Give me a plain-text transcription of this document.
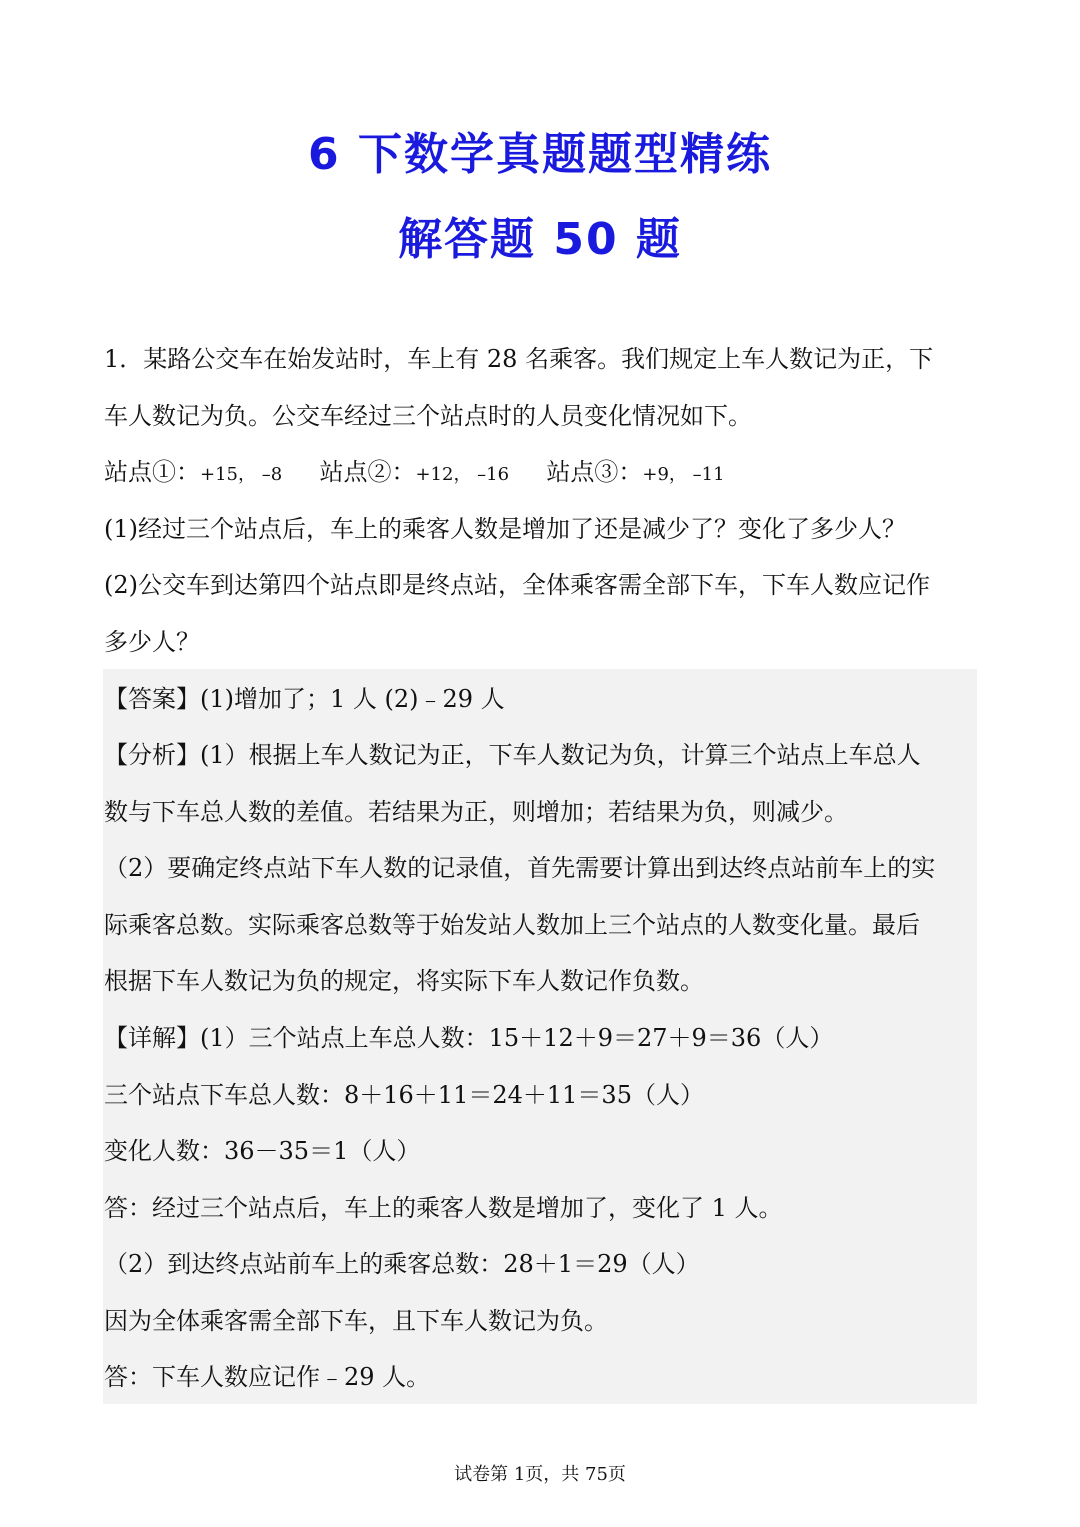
6 下数学真题题型精练
解答题 50 题
1．某路公交车在始发站时，车上有 28 名乘客。我们规定上车人数记为正，下
车人数记为负。公交车经过三个站点时的人员变化情况如下。
站点①：+15， –8 站点②：+12， –16 站点③：+9， –11
(1)经过三个站点后，车上的乘客人数是增加了还是减少了？变化了多少人？
(2)公交车到达第四个站点即是终点站，全体乘客需全部下车，下车人数应记作
多少人？
【答案】(1)增加了；1 人 (2)﹣29 人
【分析】(1）根据上车人数记为正，下车人数记为负，计算三个站点上车总人
数与下车总人数的差值。若结果为正，则增加；若结果为负，则减少。
（2）要确定终点站下车人数的记录值，首先需要计算出到达终点站前车上的实
际乘客总数。实际乘客总数等于始发站人数加上三个站点的人数变化量。最后
根据下车人数记为负的规定，将实际下车人数记作负数。
【详解】(1）三个站点上车总人数：15＋12＋9＝27＋9＝36（人）
三个站点下车总人数：8＋16＋11＝24＋11＝35（人）
变化人数：36－35＝1（人）
答：经过三个站点后，车上的乘客人数是增加了，变化了 1 人。
（2）到达终点站前车上的乘客总数：28＋1＝29（人）
因为全体乘客需全部下车，且下车人数记为负。
答：下车人数应记作﹣29 人。
试卷第 1页，共 75页
